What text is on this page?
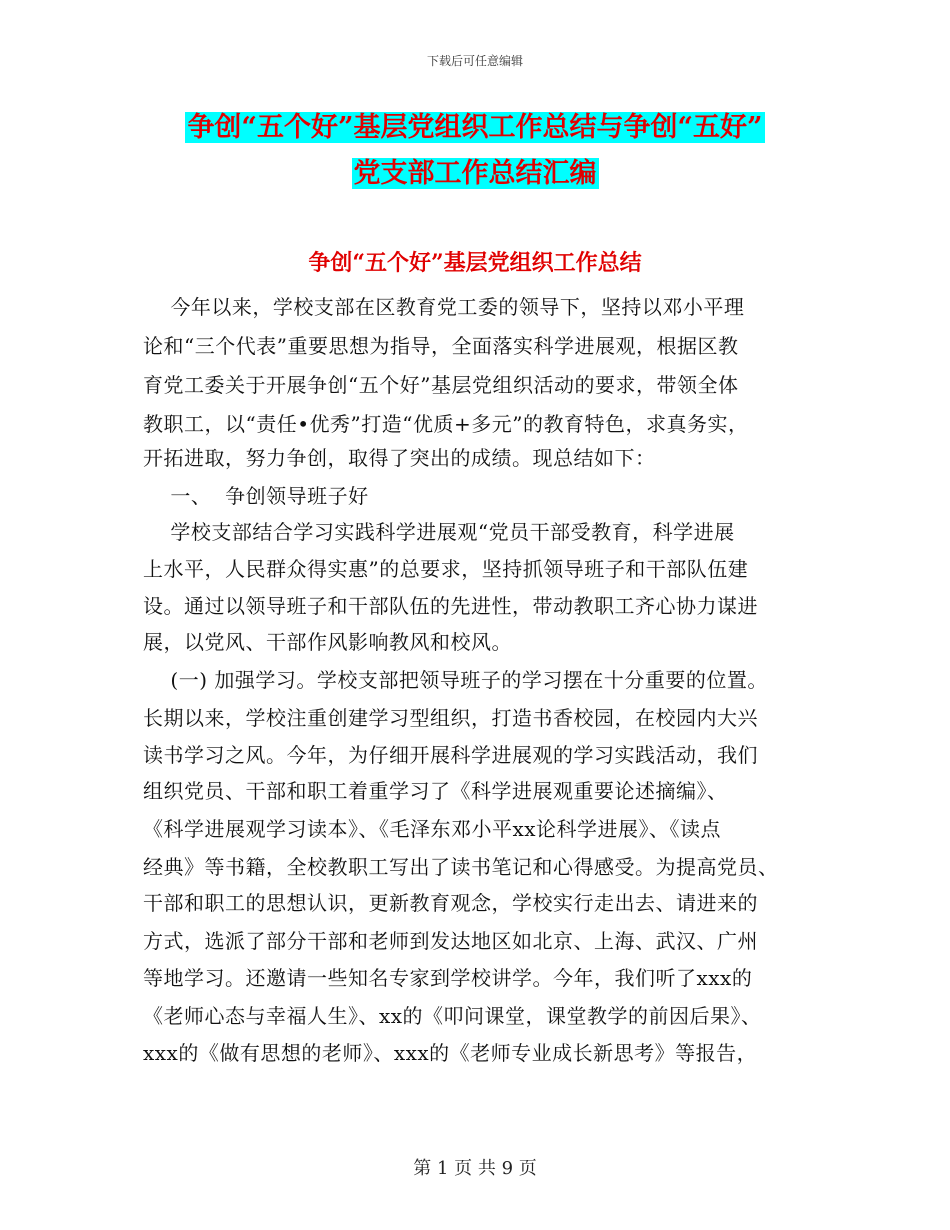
下载后可任意编辑
争创“五个好”基层党组织工作总结与争创“五好”
党支部工作总结汇编
争创“五个好”基层党组织工作总结
今年以来，学校支部在区教育党工委的领导下，坚持以邓小平理
论和“三个代表”重要思想为指导，全面落实科学进展观，根据区教
育党工委关于开展争创“五个好”基层党组织活动的要求，带领全体
教职工，以“责任•优秀”打造“优质+多元”的教育特色，求真务实，
开拓进取，努力争创，取得了突出的成绩。现总结如下：
一、  争创领导班子好
学校支部结合学习实践科学进展观“党员干部受教育，科学进展
上水平，人民群众得实惠”的总要求，坚持抓领导班子和干部队伍建
设。通过以领导班子和干部队伍的先进性，带动教职工齐心协力谋进
展，以党风、干部作风影响教风和校风。
(一) 加强学习。学校支部把领导班子的学习摆在十分重要的位置。
长期以来，学校注重创建学习型组织，打造书香校园，在校园内大兴
读书学习之风。今年，为仔细开展科学进展观的学习实践活动，我们
组织党员、干部和职工着重学习了《科学进展观重要论述摘编》、
《科学进展观学习读本》、《毛泽东邓小平xx论科学进展》、《读点
经典》等书籍，全校教职工写出了读书笔记和心得感受。为提高党员、
干部和职工的思想认识，更新教育观念，学校实行走出去、请进来的
方式，选派了部分干部和老师到发达地区如北京、上海、武汉、广州
等地学习。还邀请一些知名专家到学校讲学。今年，我们听了xxx的
《老师心态与幸福人生》、xx的《叩问课堂，课堂教学的前因后果》、
xxx的《做有思想的老师》、xxx的《老师专业成长新思考》等报告，
第 1 页 共 9 页
